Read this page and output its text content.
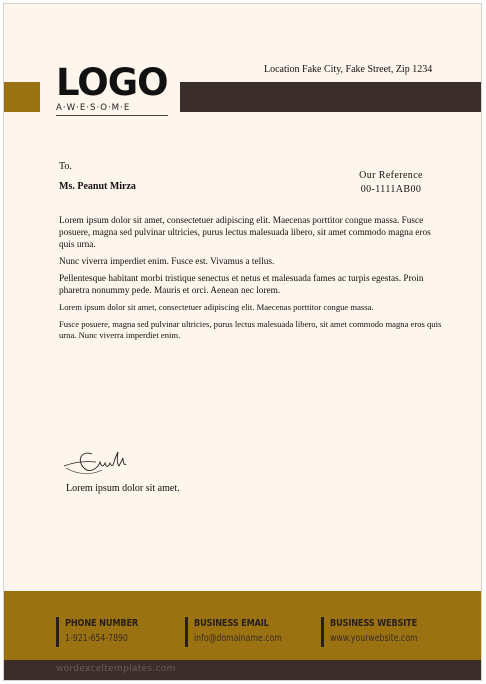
LOGO
A·W·E·S·O·M·E
Location Fake City, Fake Street, Zip 1234
To.
Ms. Peanut Mirza
Our Reference
00-1111AB00

Lorem ipsum dolor sit amet, consectetuer adipiscing elit. Maecenas porttitor congue massa. Fusce posuere, magna sed pulvinar ultricies, purus lectus malesuada libero, sit amet commodo magna eros quis urna.

Nunc viverra imperdiet enim. Fusce est. Vivamus a tellus.

Pellentesque habitant morbi tristique senectus et netus et malesuada fames ac turpis egestas. Proin pharetra nonummy pede. Mauris et orci. Aenean nec lorem.

Lorem ipsum dolor sit amet, consectetuer adipiscing elit. Maecenas porttitor congue massa.

Fusce posuere, magna sed pulvinar ultricies, purus lectus malesuada libero, sit amet commodo magna eros quis urna. Nunc viverra imperdiet enim.

Lorem ipsum dolor sit amet.
PHONE NUMBER
1-921-654-7890
BUSINESS EMAIL
info@domainame.com
BUSINESS WEBSITE
www.yourwebsite.com
wordexceltemplates.com
